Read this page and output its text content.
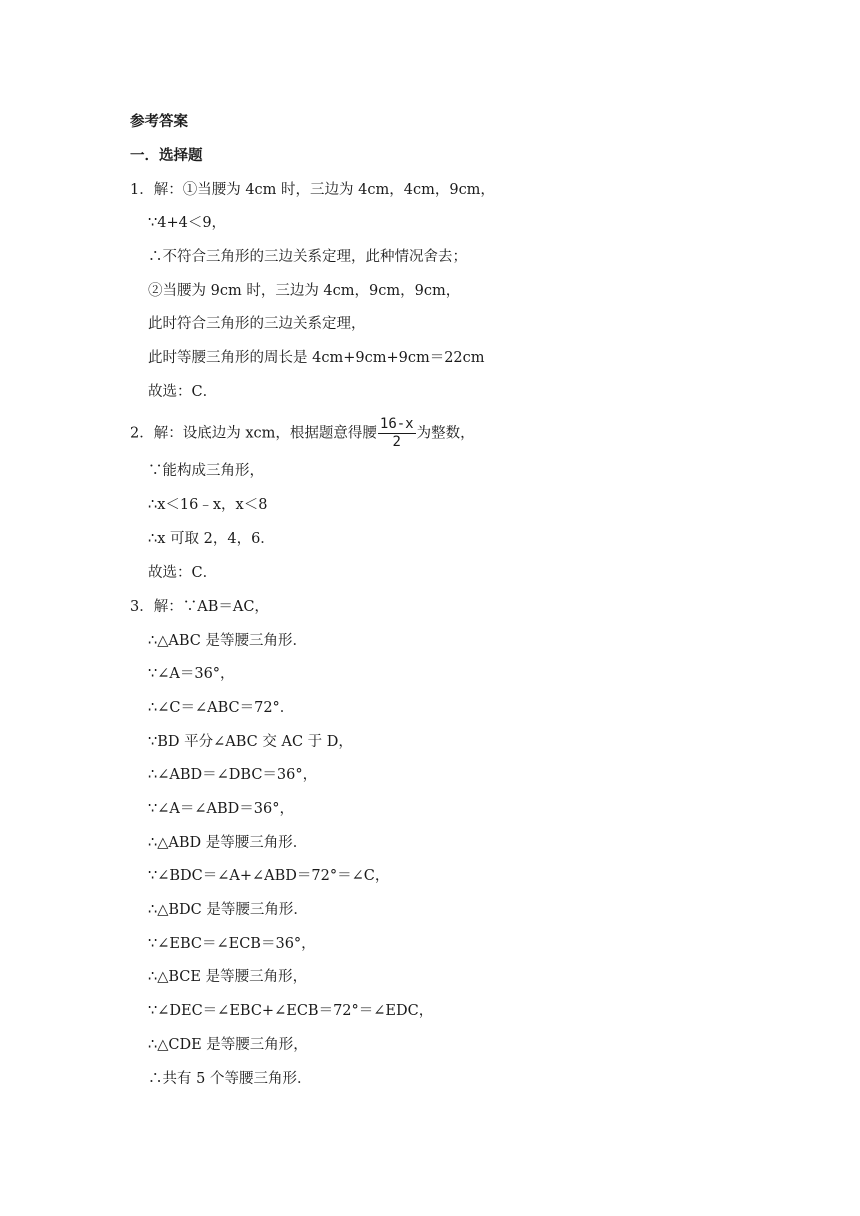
参考答案
一．选择题
1．解：①当腰为 4cm 时，三边为 4cm，4cm，9cm，
∵4+4＜9，
∴不符合三角形的三边关系定理，此种情况舍去；
②当腰为 9cm 时，三边为 4cm，9cm，9cm，
此时符合三角形的三边关系定理，
此时等腰三角形的周长是 4cm+9cm+9cm＝22cm
故选：C．
2．解：设底边为 xcm，根据题意得腰 $\frac{16-x}{2}$ 为整数，
∵能构成三角形，
∴x＜16﹣x，x＜8
∴x 可取 2，4，6．
故选：C．
3．解：∵AB＝AC，
∴△ABC 是等腰三角形．
∵∠A＝36°，
∴∠C＝∠ABC＝72°．
∵BD 平分∠ABC 交 AC 于 D，
∴∠ABD＝∠DBC＝36°，
∵∠A＝∠ABD＝36°，
∴△ABD 是等腰三角形．
∵∠BDC＝∠A+∠ABD＝72°＝∠C，
∴△BDC 是等腰三角形．
∵∠EBC＝∠ECB＝36°，
∴△BCE 是等腰三角形，
∵∠DEC＝∠EBC+∠ECB＝72°＝∠EDC，
∴△CDE 是等腰三角形，
∴共有 5 个等腰三角形．
